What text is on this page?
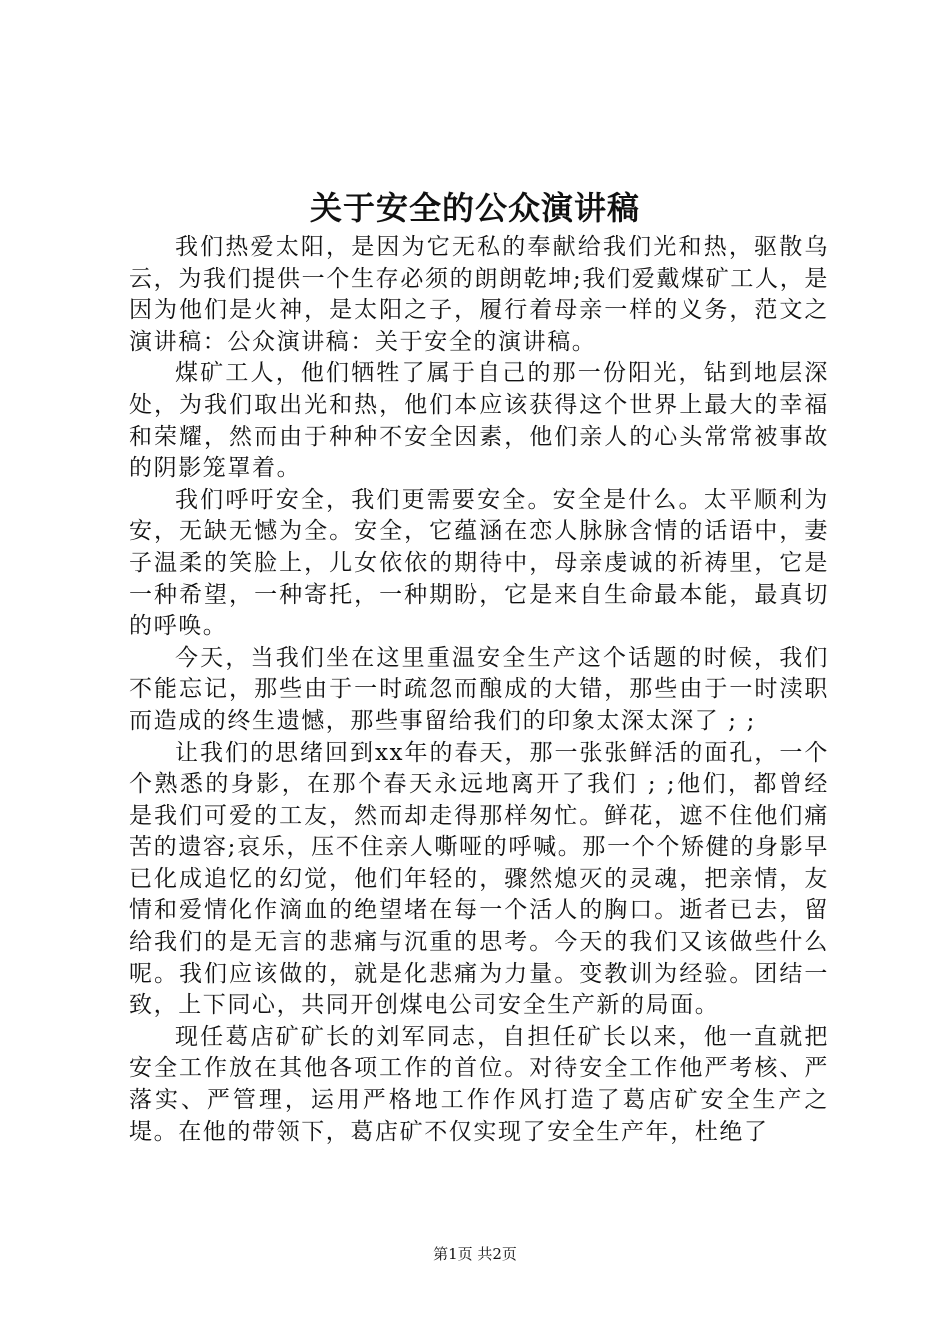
关于安全的公众演讲稿

我们热爱太阳，是因为它无私的奉献给我们光和热，驱散乌云，为我们提供一个生存必须的朗朗乾坤;我们爱戴煤矿工人，是因为他们是火神，是太阳之子，履行着母亲一样的义务，范文之演讲稿：公众演讲稿：关于安全的演讲稿。

煤矿工人，他们牺牲了属于自己的那一份阳光，钻到地层深处，为我们取出光和热，他们本应该获得这个世界上最大的幸福和荣耀，然而由于种种不安全因素，他们亲人的心头常常被事故的阴影笼罩着。

我们呼吁安全，我们更需要安全。安全是什么。太平顺利为安，无缺无憾为全。安全，它蕴涵在恋人脉脉含情的话语中，妻子温柔的笑脸上，儿女依依的期待中，母亲虔诚的祈祷里，它是一种希望，一种寄托，一种期盼，它是来自生命最本能，最真切的呼唤。

今天，当我们坐在这里重温安全生产这个话题的时候，我们不能忘记，那些由于一时疏忽而酿成的大错，那些由于一时渎职而造成的终生遗憾，那些事留给我们的印象太深太深了 ; ;

让我们的思绪回到xx年的春天，那一张张鲜活的面孔，一个个熟悉的身影，在那个春天永远地离开了我们 ; ;他们，都曾经是我们可爱的工友，然而却走得那样匆忙。鲜花，遮不住他们痛苦的遗容;哀乐，压不住亲人嘶哑的呼喊。那一个个矫健的身影早已化成追忆的幻觉，他们年轻的，骤然熄灭的灵魂，把亲情，友情和爱情化作滴血的绝望堵在每一个活人的胸口。逝者已去，留给我们的是无言的悲痛与沉重的思考。今天的我们又该做些什么呢。我们应该做的，就是化悲痛为力量。变教训为经验。团结一致，上下同心，共同开创煤电公司安全生产新的局面。

现任葛店矿矿长的刘军同志，自担任矿长以来，他一直就把安全工作放在其他各项工作的首位。对待安全工作他严考核、严落实、严管理，运用严格地工作作风打造了葛店矿安全生产之堤。在他的带领下，葛店矿不仅实现了安全生产年，杜绝了

第1页 共2页
